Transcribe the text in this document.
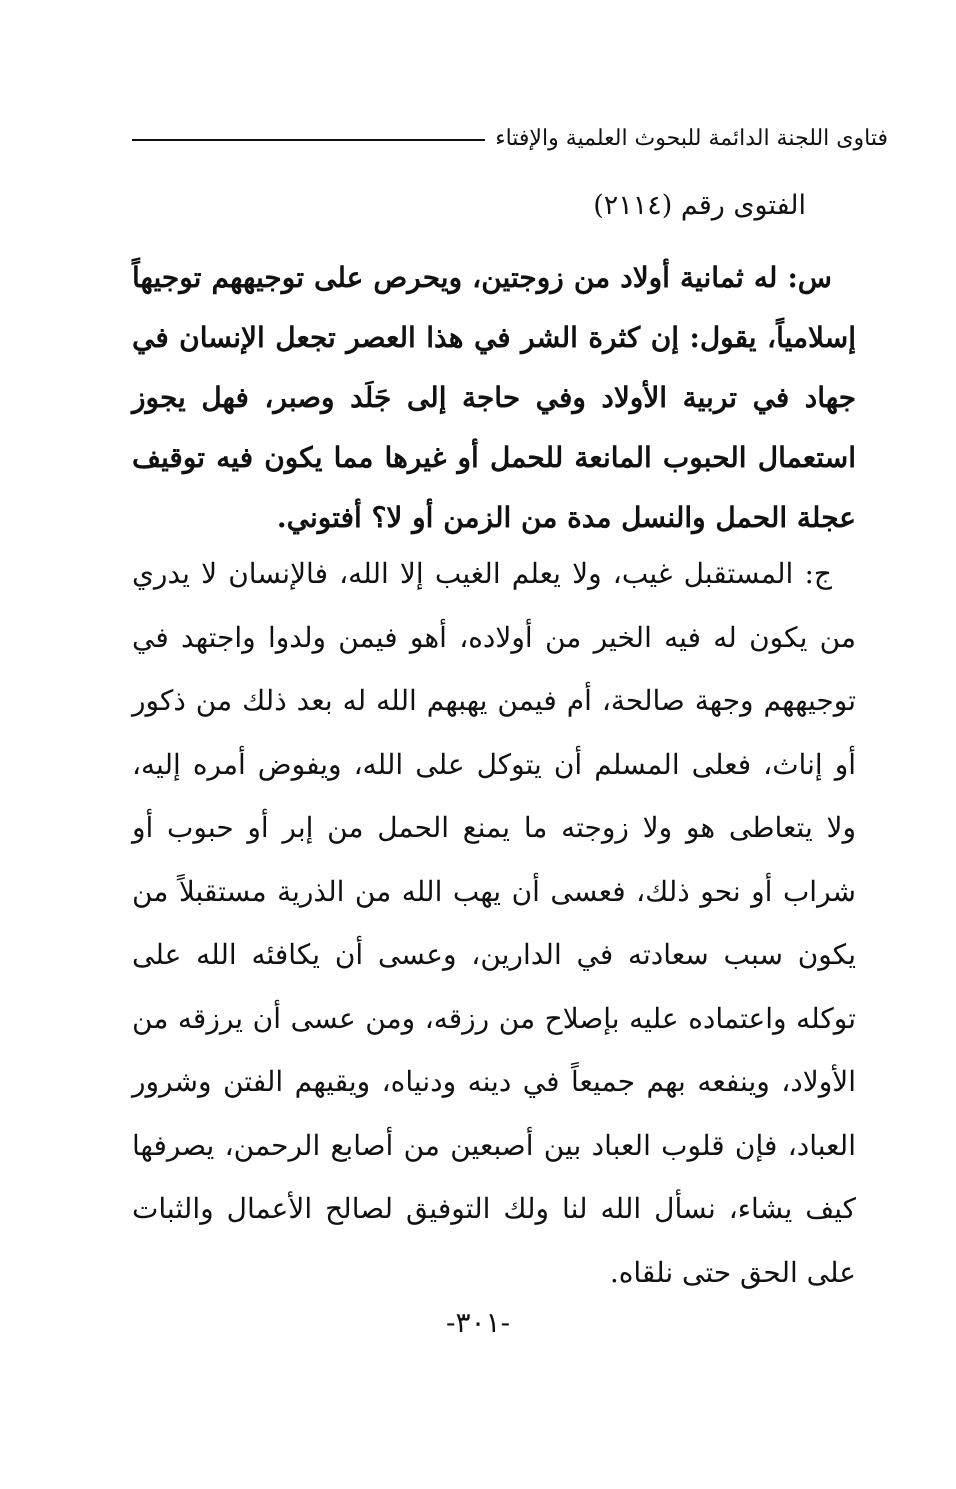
فتاوى اللجنة الدائمة للبحوث العلمية والإفتاء
الفتوى رقم (٢١١٤)
س: له ثمانية أولاد من زوجتين، ويحرص على توجيههم توجيهاً إسلامياً، يقول: إن كثرة الشر في هذا العصر تجعل الإنسان في جهاد في تربية الأولاد وفي حاجة إلى جَلَد وصبر، فهل يجوز استعمال الحبوب المانعة للحمل أو غيرها مما يكون فيه توقيف عجلة الحمل والنسل مدة من الزمن أو لا؟ أفتوني.
ج: المستقبل غيب، ولا يعلم الغيب إلا الله، فالإنسان لا يدري من يكون له فيه الخير من أولاده، أهو فيمن ولدوا واجتهد في توجيههم وجهة صالحة، أم فيمن يهبهم الله له بعد ذلك من ذكور أو إناث، فعلى المسلم أن يتوكل على الله، ويفوض أمره إليه، ولا يتعاطى هو ولا زوجته ما يمنع الحمل من إبر أو حبوب أو شراب أو نحو ذلك، فعسى أن يهب الله من الذرية مستقبلاً من يكون سبب سعادته في الدارين، وعسى أن يكافئه الله على توكله واعتماده عليه بإصلاح من رزقه، ومن عسى أن يرزقه من الأولاد، وينفعه بهم جميعاً في دينه ودنياه، ويقيهم الفتن وشرور العباد، فإن قلوب العباد بين أصبعين من أصابع الرحمن، يصرفها كيف يشاء، نسأل الله لنا ولك التوفيق لصالح الأعمال والثبات على الحق حتى نلقاه.
-٣٠١-
